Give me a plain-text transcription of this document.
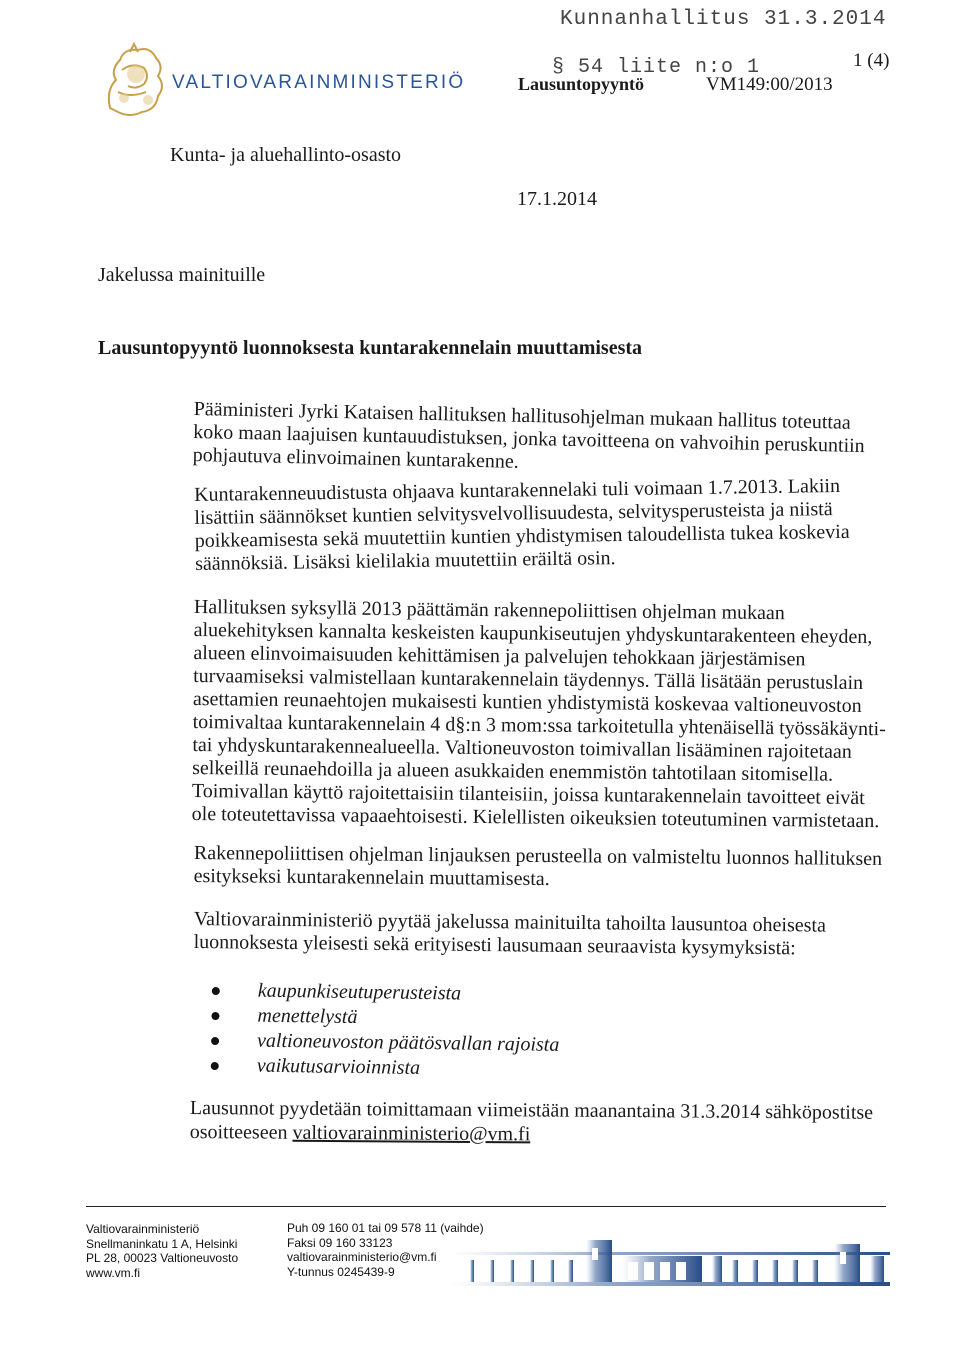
Kunnanhallitus 31.3.2014
§ 54 liite n:o 1	1 (4)
Lausuntopyyntö	VM149:00/2013
VALTIOVARAINMINISTERIÖ
Kunta- ja aluehallinto-osasto
17.1.2014
Jakelussa mainituille
Lausuntopyyntö luonnoksesta kuntarakennelain muuttamisesta
Pääministeri Jyrki Kataisen hallituksen hallitusohjelman mukaan hallitus toteuttaa koko maan laajuisen kuntauudistuksen, jonka tavoitteena on vahvoihin peruskuntiin pohjautuva elinvoimainen kuntarakenne.
Kuntarakenneuudistusta ohjaava kuntarakennelaki tuli voimaan 1.7.2013. Lakiin lisättiin säännökset kuntien selvitysvelvollisuudesta, selvitysperusteista ja niistä poikkeamisesta sekä muutettiin kuntien yhdistymisen taloudellista tukea koskevia säännöksiä. Lisäksi kielilakia muutettiin eräiltä osin.
Hallituksen syksyllä 2013 päättämän rakennepoliittisen ohjelman mukaan aluekehityksen kannalta keskeisten kaupunkiseutujen yhdyskuntarakenteen eheyden, alueen elinvoimaisuuden kehittämisen ja palvelujen tehokkaan järjestämisen turvaamiseksi valmistellaan kuntarakennelain täydennys. Tällä lisätään perustuslain asettamien reunaehtojen mukaisesti kuntien yhdistymistä koskevaa valtioneuvoston toimivaltaa kuntarakennelain 4 d§:n 3 mom:ssa tarkoitetulla yhtenäisellä työssäkäynti- tai yhdyskuntarakennealueella. Valtioneuvoston toimivallan lisääminen rajoitetaan selkeillä reunaehdoilla ja alueen asukkaiden enemmistön tahtotilaan sitomisella. Toimivallan käyttö rajoitettaisiin tilanteisiin, joissa kuntarakennelain tavoitteet eivät ole toteutettavissa vapaaehtoisesti. Kielellisten oikeuksien toteutuminen varmistetaan.
Rakennepoliittisen ohjelman linjauksen perusteella on valmisteltu luonnos hallituksen esitykseksi kuntarakennelain muuttamisesta.
Valtiovarainministeriö pyytää jakelussa mainituilta tahoilta lausuntoa oheisesta luonnoksesta yleisesti sekä erityisesti lausumaan seuraavista kysymyksistä:
kaupunkiseutuperusteista
menettelystä
valtioneuvoston päätösvallan rajoista
vaikutusarvioinnista
Lausunnot pyydetään toimittamaan viimeistään maanantaina 31.3.2014 sähköpostitse osoitteeseen valtiovarainministerio@vm.fi
Valtiovarainministeriö
Snellmaninkatu 1 A, Helsinki
PL 28, 00023 Valtioneuvosto
www.vm.fi
Puh 09 160 01 tai 09 578 11 (vaihde)
Faksi 09 160 33123
valtiovarainministerio@vm.fi
Y-tunnus 0245439-9
